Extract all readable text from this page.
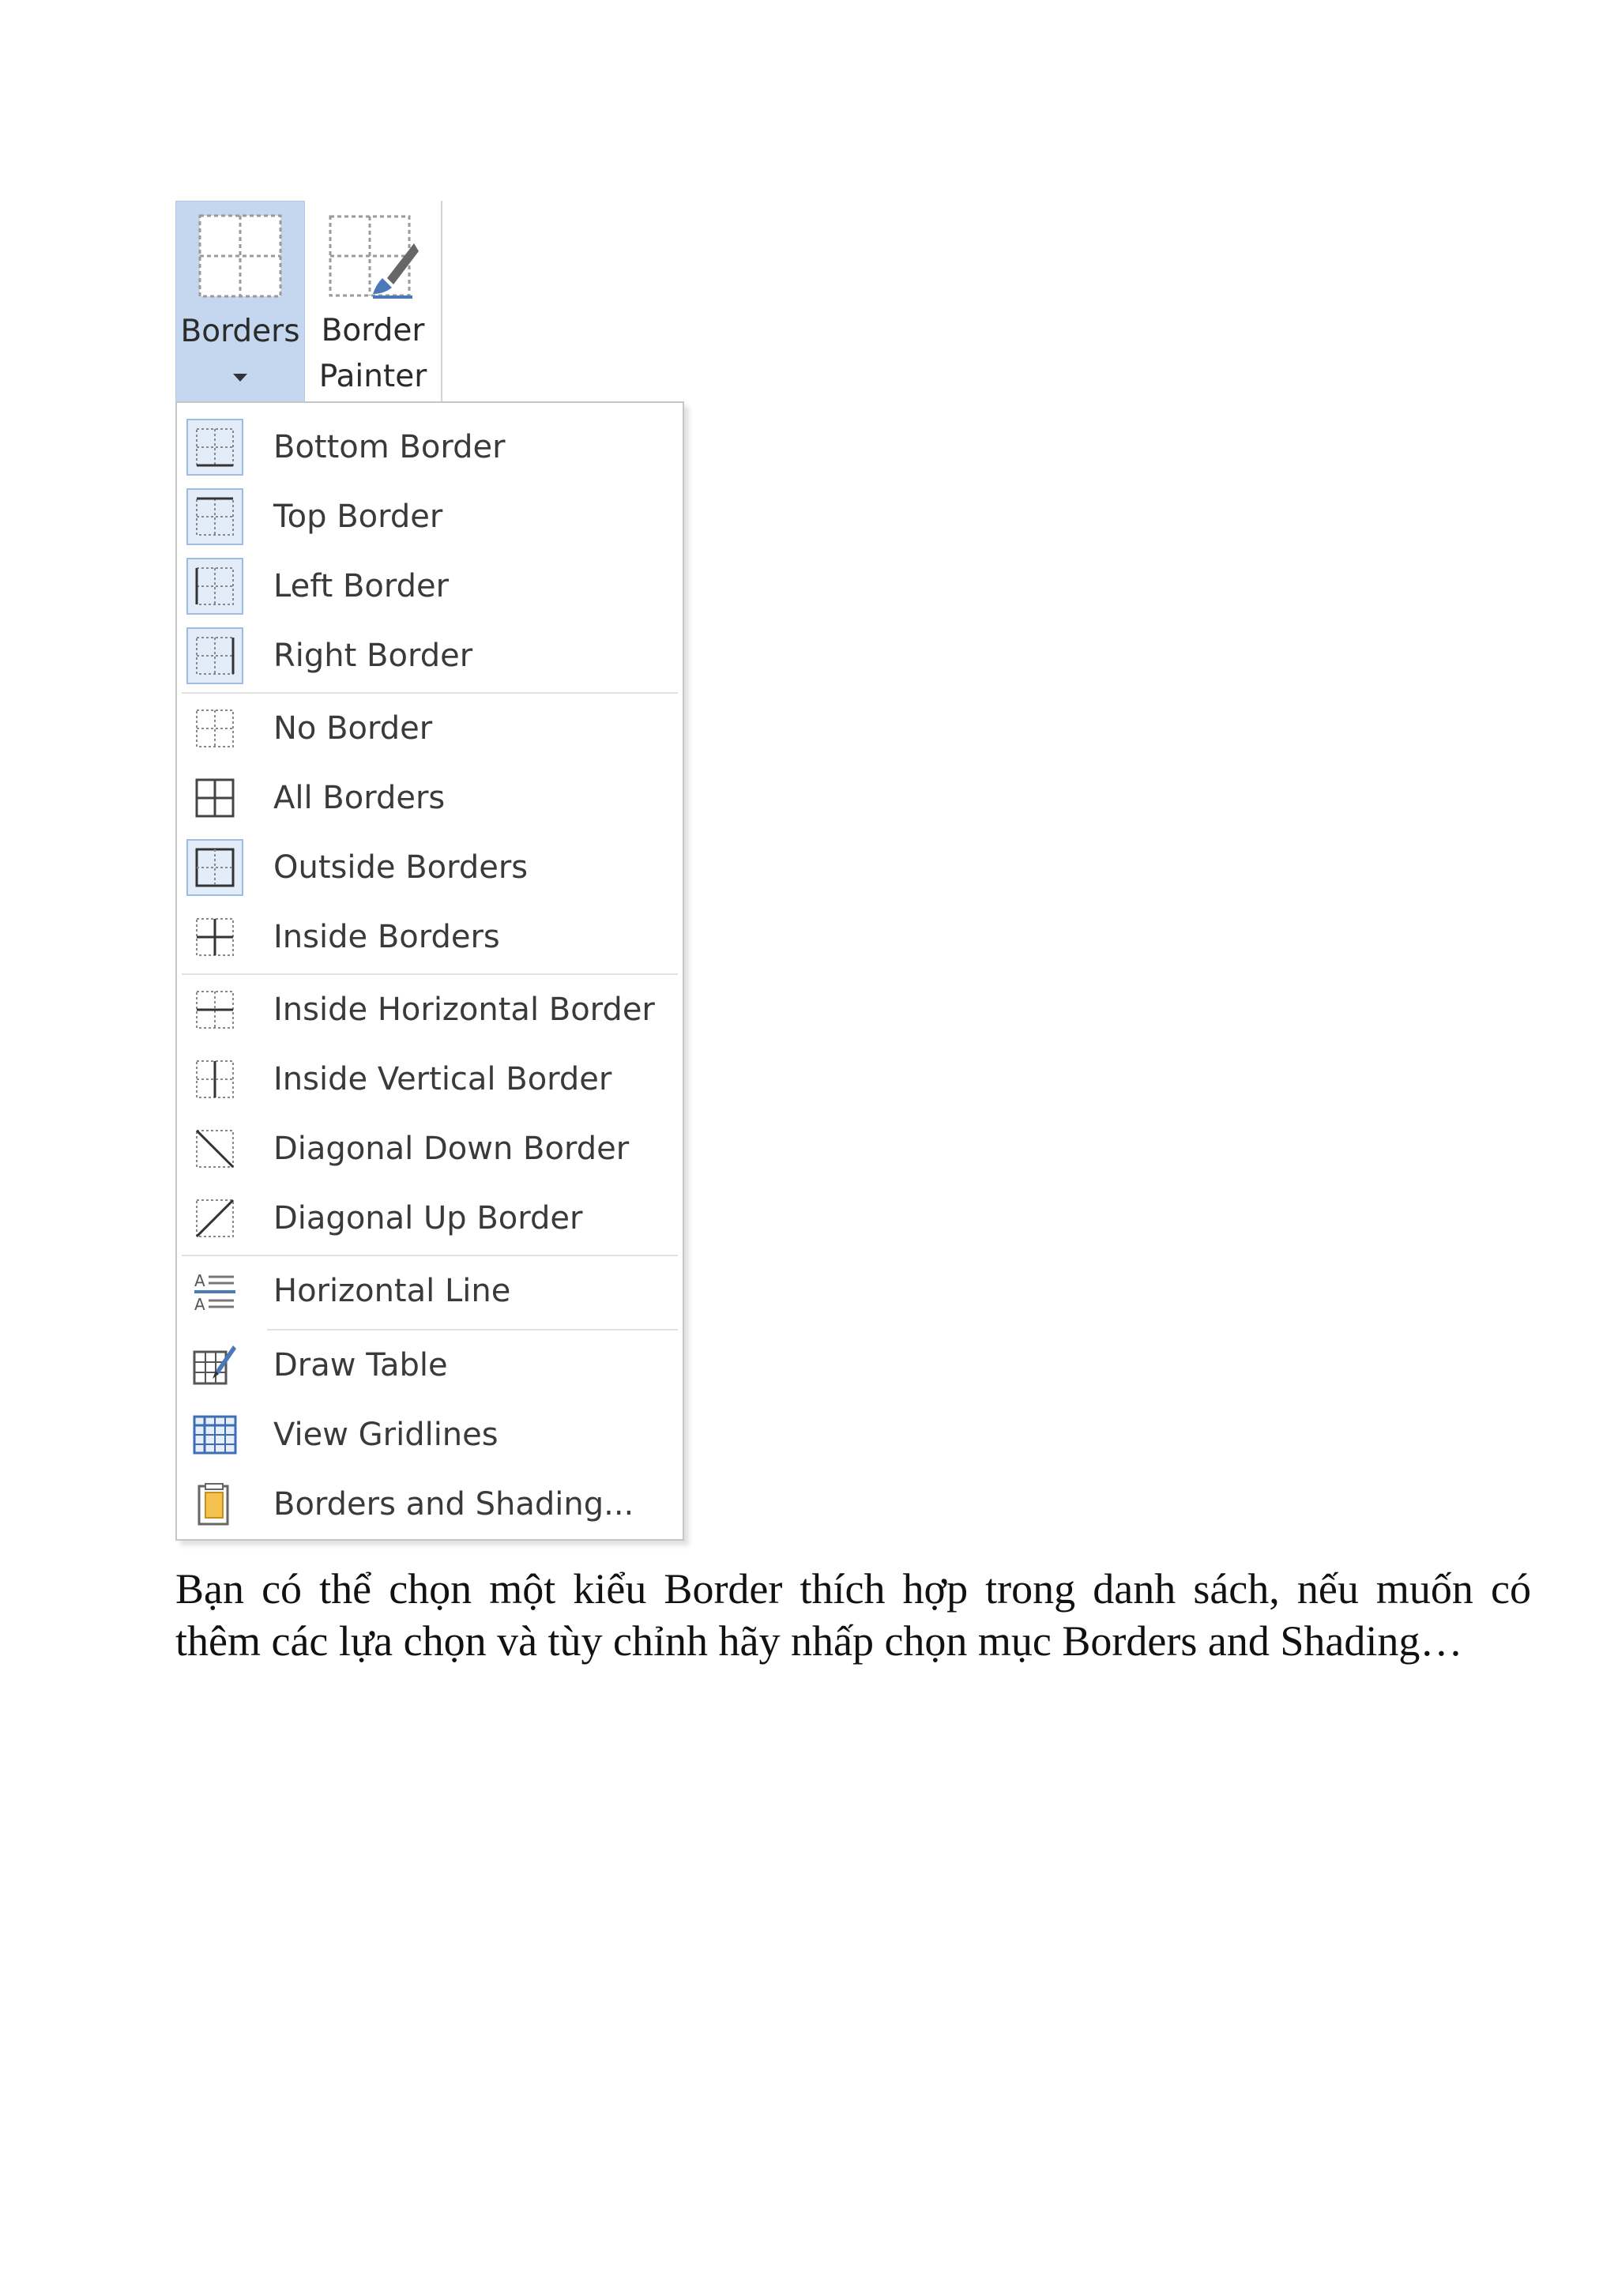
Borders Border
Painter
Bottom Border
Top Border
Left Border
Right Border
No Border
All Borders
Outside Borders
Inside Borders
Inside Horizontal Border
Inside Vertical Border
Diagonal Down Border
Diagonal Up Border
A
A Horizontal Line
Draw Table
View Gridlines
Borders and Shading...
Bạn có thể chọn một kiểu Border thích hợp trong danh sách, nếu muốn có
thêm các lựa chọn và tùy chỉnh hãy nhấp chọn mục Borders and Shading…
